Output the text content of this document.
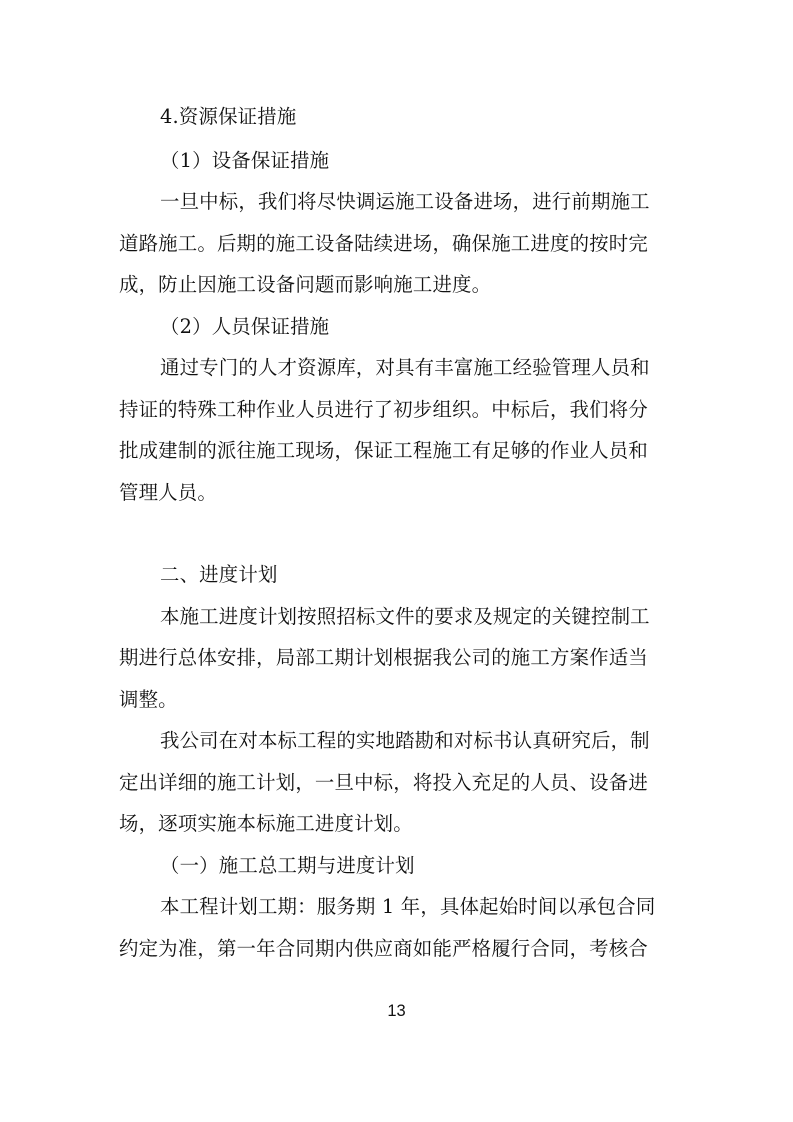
4.资源保证措施
（1）设备保证措施
一旦中标，我们将尽快调运施工设备进场，进行前期施工
道路施工。后期的施工设备陆续进场，确保施工进度的按时完
成，防止因施工设备问题而影响施工进度。
（2）人员保证措施
通过专门的人才资源库，对具有丰富施工经验管理人员和
持证的特殊工种作业人员进行了初步组织。中标后，我们将分
批成建制的派往施工现场，保证工程施工有足够的作业人员和
管理人员。
二、进度计划
本施工进度计划按照招标文件的要求及规定的关键控制工
期进行总体安排，局部工期计划根据我公司的施工方案作适当
调整。
我公司在对本标工程的实地踏勘和对标书认真研究后，制
定出详细的施工计划，一旦中标，将投入充足的人员、设备进
场，逐项实施本标施工进度计划。
（一）施工总工期与进度计划
本工程计划工期：服务期 1 年，具体起始时间以承包合同
约定为准，第一年合同期内供应商如能严格履行合同，考核合
13
